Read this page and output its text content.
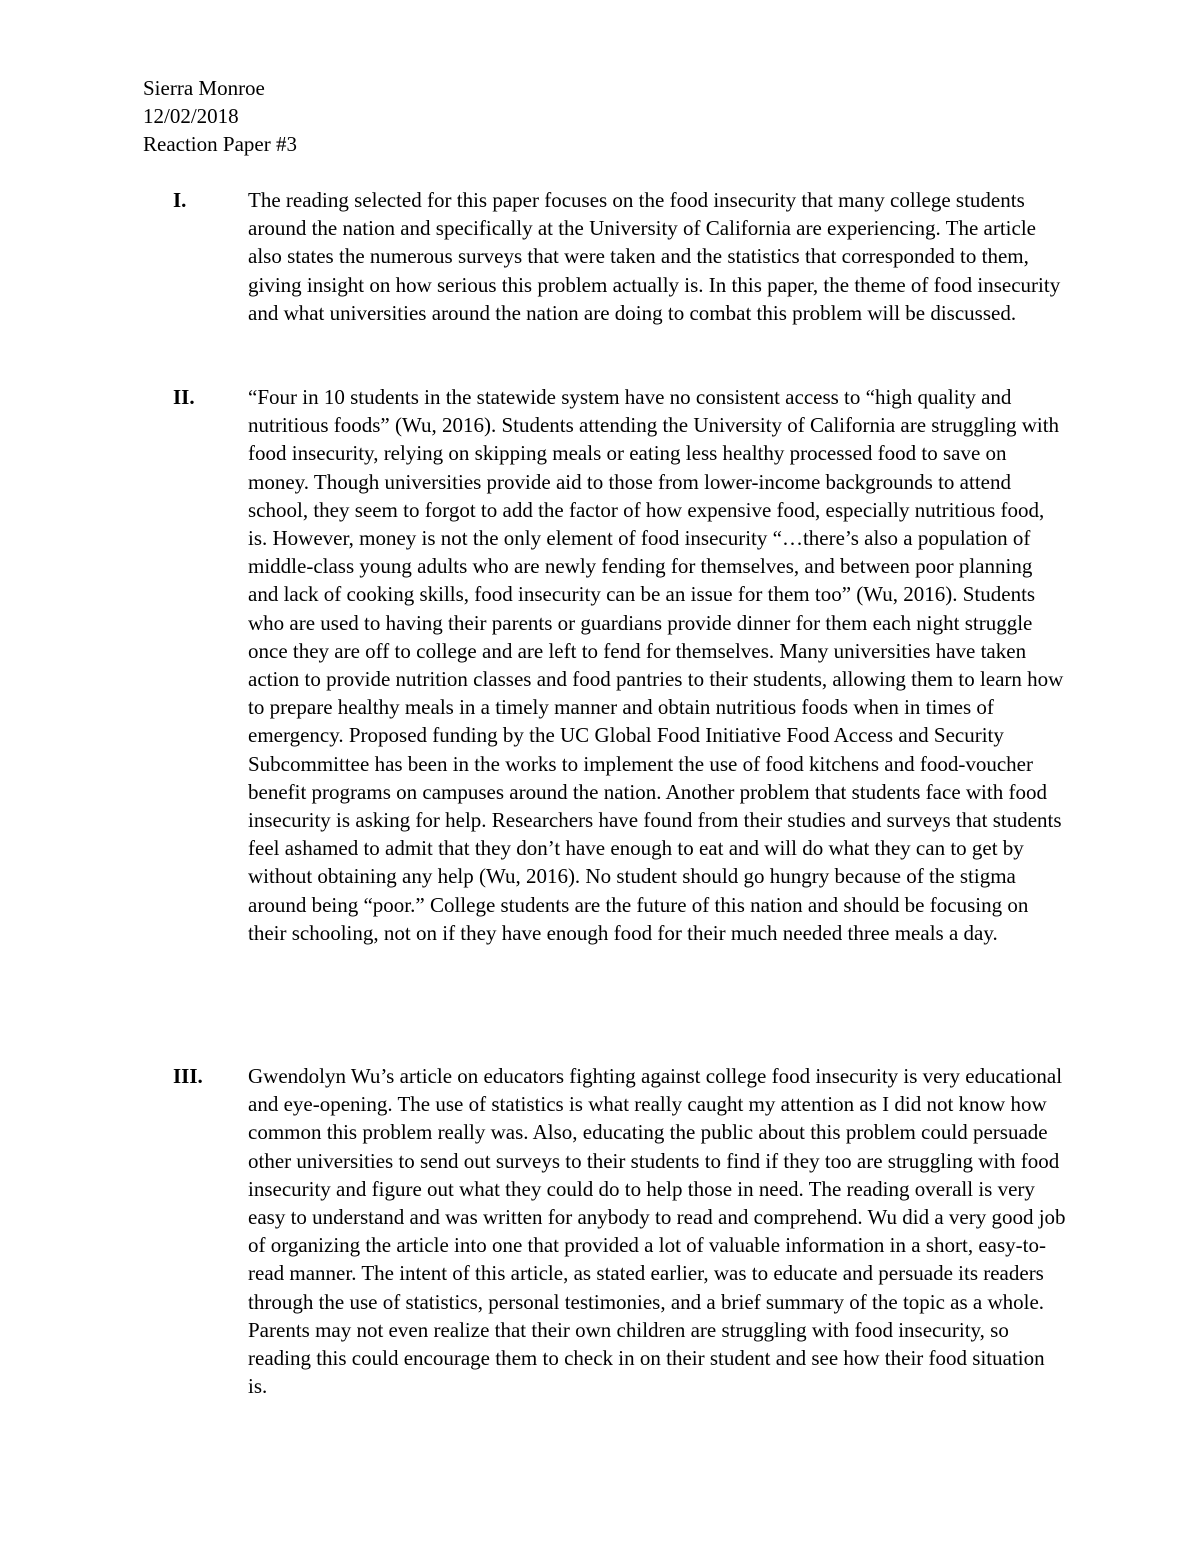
Sierra Monroe
12/02/2018
Reaction Paper #3
I.	The reading selected for this paper focuses on the food insecurity that many college students around the nation and specifically at the University of California are experiencing. The article also states the numerous surveys that were taken and the statistics that corresponded to them, giving insight on how serious this problem actually is. In this paper, the theme of food insecurity and what universities around the nation are doing to combat this problem will be discussed.

II.	“Four in 10 students in the statewide system have no consistent access to “high quality and nutritious foods” (Wu, 2016). Students attending the University of California are struggling with food insecurity, relying on skipping meals or eating less healthy processed food to save on money. Though universities provide aid to those from lower-income backgrounds to attend school, they seem to forgot to add the factor of how expensive food, especially nutritious food, is. However, money is not the only element of food insecurity “…there’s also a population of middle-class young adults who are newly fending for themselves, and between poor planning and lack of cooking skills, food insecurity can be an issue for them too” (Wu, 2016). Students who are used to having their parents or guardians provide dinner for them each night struggle once they are off to college and are left to fend for themselves. Many universities have taken action to provide nutrition classes and food pantries to their students, allowing them to learn how to prepare healthy meals in a timely manner and obtain nutritious foods when in times of emergency. Proposed funding by the UC Global Food Initiative Food Access and Security Subcommittee has been in the works to implement the use of food kitchens and food-voucher benefit programs on campuses around the nation. Another problem that students face with food insecurity is asking for help. Researchers have found from their studies and surveys that students feel ashamed to admit that they don’t have enough to eat and will do what they can to get by without obtaining any help (Wu, 2016). No student should go hungry because of the stigma around being “poor.” College students are the future of this nation and should be focusing on their schooling, not on if they have enough food for their much needed three meals a day.

III. Gwendolyn Wu’s article on educators fighting against college food insecurity is very educational and eye-opening. The use of statistics is what really caught my attention as I did not know how common this problem really was. Also, educating the public about this problem could persuade other universities to send out surveys to their students to find if they too are struggling with food insecurity and figure out what they could do to help those in need. The reading overall is very easy to understand and was written for anybody to read and comprehend. Wu did a very good job of organizing the article into one that provided a lot of valuable information in a short, easy-to-read manner. The intent of this article, as stated earlier, was to educate and persuade its readers through the use of statistics, personal testimonies, and a brief summary of the topic as a whole. Parents may not even realize that their own children are struggling with food insecurity, so reading this could encourage them to check in on their student and see how their food situation is.
